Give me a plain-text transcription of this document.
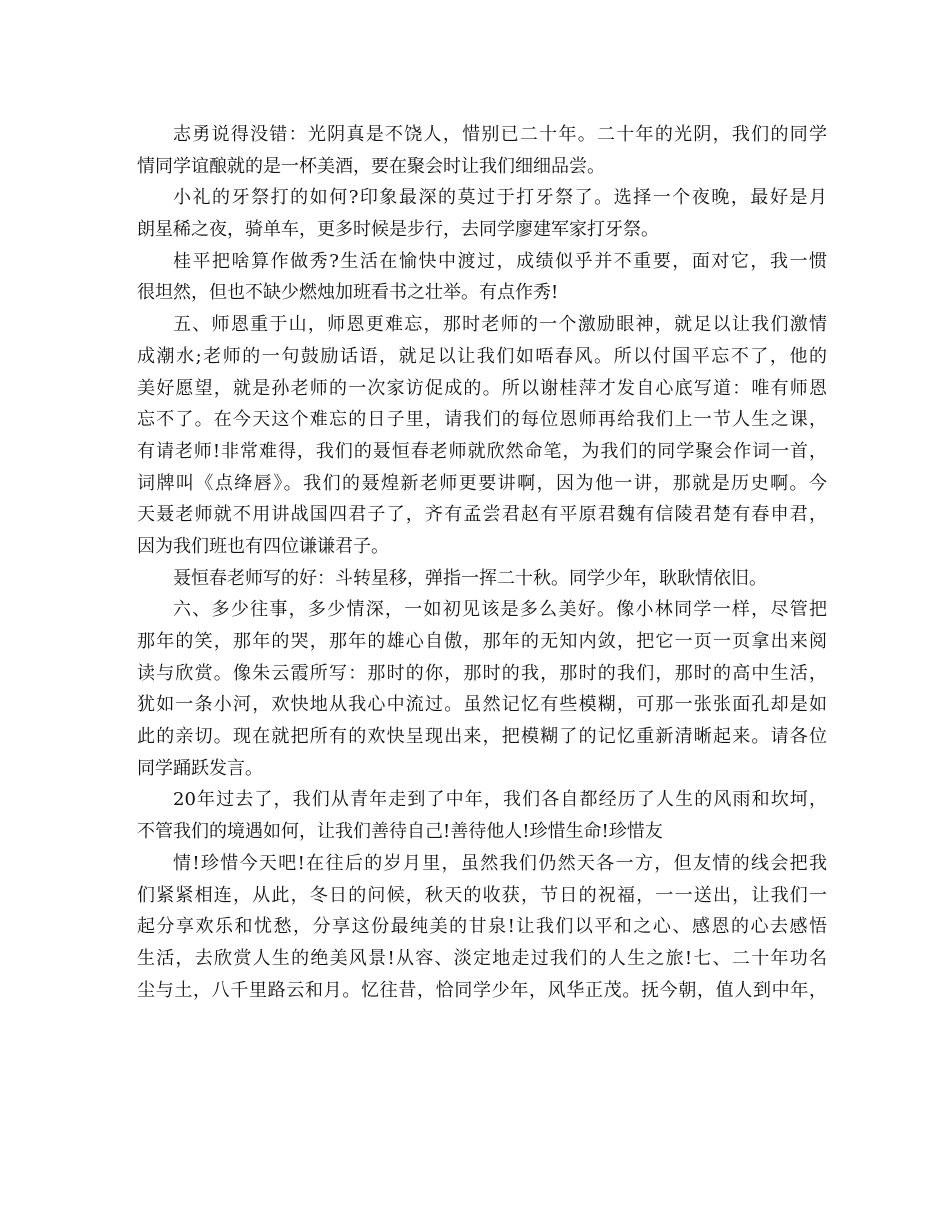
志勇说得没错：光阴真是不饶人，惜别已二十年。二十年的光阴，我们的同学
情同学谊酿就的是一杯美酒，要在聚会时让我们细细品尝。
小礼的牙祭打的如何?印象最深的莫过于打牙祭了。选择一个夜晚，最好是月
朗星稀之夜，骑单车，更多时候是步行，去同学廖建军家打牙祭。
桂平把啥算作做秀?生活在愉快中渡过，成绩似乎并不重要，面对它，我一惯
很坦然，但也不缺少燃烛加班看书之壮举。有点作秀!
五、师恩重于山，师恩更难忘，那时老师的一个激励眼神，就足以让我们激情
成潮水;老师的一句鼓励话语，就足以让我们如唔春风。所以付国平忘不了，他的
美好愿望，就是孙老师的一次家访促成的。所以谢桂萍才发自心底写道：唯有师恩
忘不了。在今天这个难忘的日子里，请我们的每位恩师再给我们上一节人生之课，
有请老师!非常难得，我们的聂恒春老师就欣然命笔，为我们的同学聚会作词一首，
词牌叫《点绛唇》。我们的聂煌新老师更要讲啊，因为他一讲，那就是历史啊。今
天聂老师就不用讲战国四君子了，齐有孟尝君赵有平原君魏有信陵君楚有春申君，
因为我们班也有四位谦谦君子。
聂恒春老师写的好：斗转星移，弹指一挥二十秋。同学少年，耿耿情依旧。
六、多少往事，多少情深，一如初见该是多么美好。像小林同学一样，尽管把
那年的笑，那年的哭，那年的雄心自傲，那年的无知内敛，把它一页一页拿出来阅
读与欣赏。像朱云霞所写：那时的你，那时的我，那时的我们，那时的高中生活，
犹如一条小河，欢快地从我心中流过。虽然记忆有些模糊，可那一张张面孔却是如
此的亲切。现在就把所有的欢快呈现出来，把模糊了的记忆重新清晰起来。请各位
同学踊跃发言。
20年过去了，我们从青年走到了中年，我们各自都经历了人生的风雨和坎坷，
不管我们的境遇如何，让我们善待自己!善待他人!珍惜生命!珍惜友
情!珍惜今天吧!在往后的岁月里，虽然我们仍然天各一方，但友情的线会把我
们紧紧相连，从此，冬日的问候，秋天的收获，节日的祝福，一一送出，让我们一
起分享欢乐和忧愁，分享这份最纯美的甘泉!让我们以平和之心、感恩的心去感悟
生活，去欣赏人生的绝美风景!从容、淡定地走过我们的人生之旅!七、二十年功名
尘与土，八千里路云和月。忆往昔，恰同学少年，风华正茂。抚今朝，值人到中年，
